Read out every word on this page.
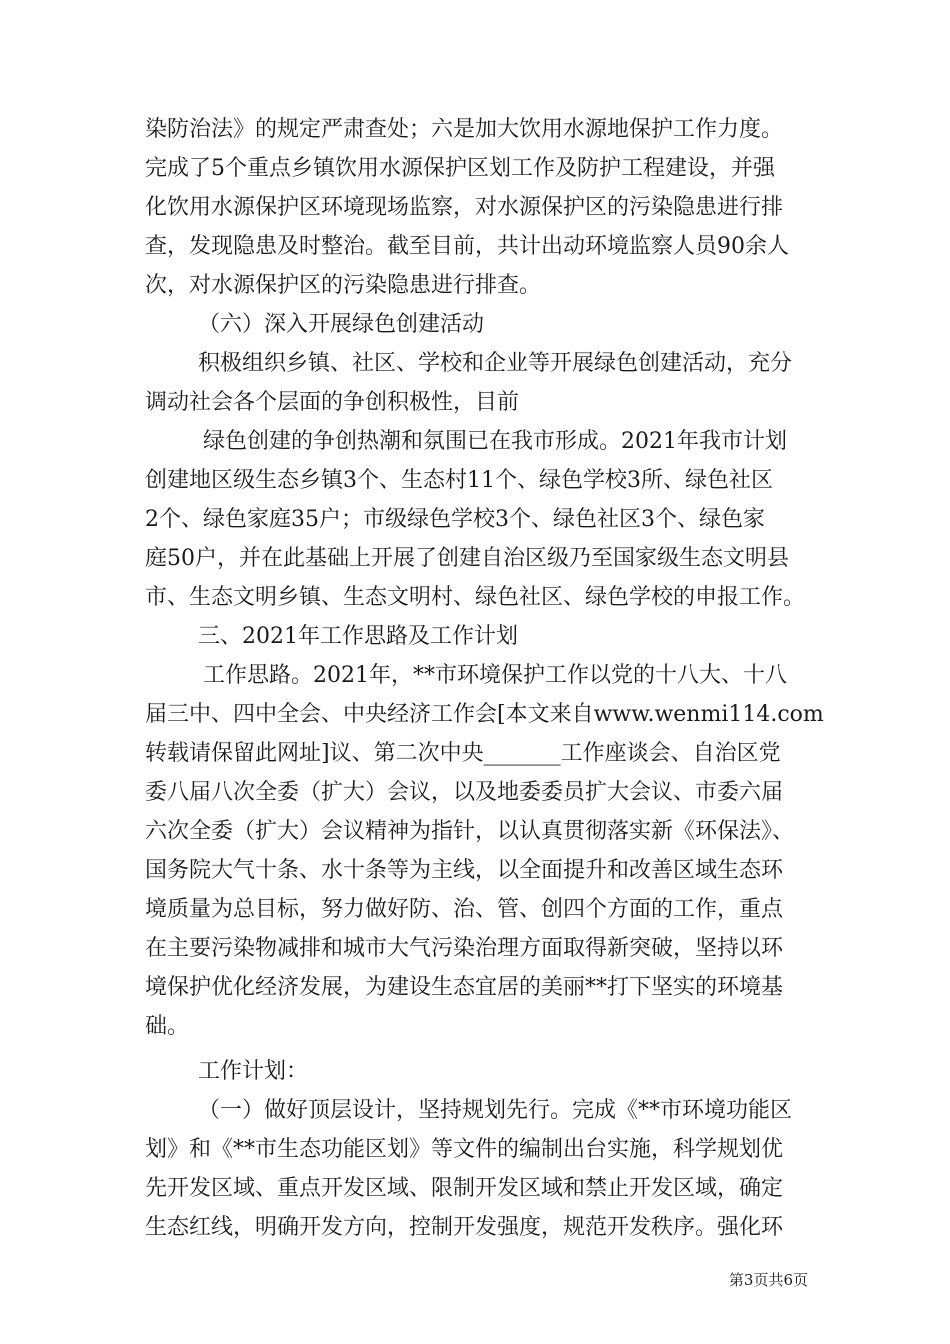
染防治法》的规定严肃查处；六是加大饮用水源地保护工作力度。
完成了5个重点乡镇饮用水源保护区划工作及防护工程建设，并强
化饮用水源保护区环境现场监察，对水源保护区的污染隐患进行排
查，发现隐患及时整治。截至目前，共计出动环境监察人员90余人
次，对水源保护区的污染隐患进行排查。
（六）深入开展绿色创建活动
积极组织乡镇、社区、学校和企业等开展绿色创建活动，充分
调动社会各个层面的争创积极性，目前
绿色创建的争创热潮和氛围已在我市形成。2021年我市计划
创建地区级生态乡镇3个、生态村11个、绿色学校3所、绿色社区
2个、绿色家庭35户；市级绿色学校3个、绿色社区3个、绿色家
庭50户，并在此基础上开展了创建自治区级乃至国家级生态文明县
市、生态文明乡镇、生态文明村、绿色社区、绿色学校的申报工作。
三、2021年工作思路及工作计划
工作思路。2021年，**市环境保护工作以党的十八大、十八
届三中、四中全会、中央经济工作会[本文来自www.wenmi114.com
转载请保留此网址]议、第二次中央_______工作座谈会、自治区党
委八届八次全委（扩大）会议，以及地委委员扩大会议、市委六届
六次全委（扩大）会议精神为指针，以认真贯彻落实新《环保法》、
国务院大气十条、水十条等为主线，以全面提升和改善区域生态环
境质量为总目标，努力做好防、治、管、创四个方面的工作，重点
在主要污染物减排和城市大气污染治理方面取得新突破，坚持以环
境保护优化经济发展，为建设生态宜居的美丽**打下坚实的环境基
础。
工作计划：
（一）做好顶层设计，坚持规划先行。完成《**市环境功能区
划》和《**市生态功能区划》等文件的编制出台实施，科学规划优
先开发区域、重点开发区域、限制开发区域和禁止开发区域，确定
生态红线，明确开发方向，控制开发强度，规范开发秩序。强化环
第3页共6页
